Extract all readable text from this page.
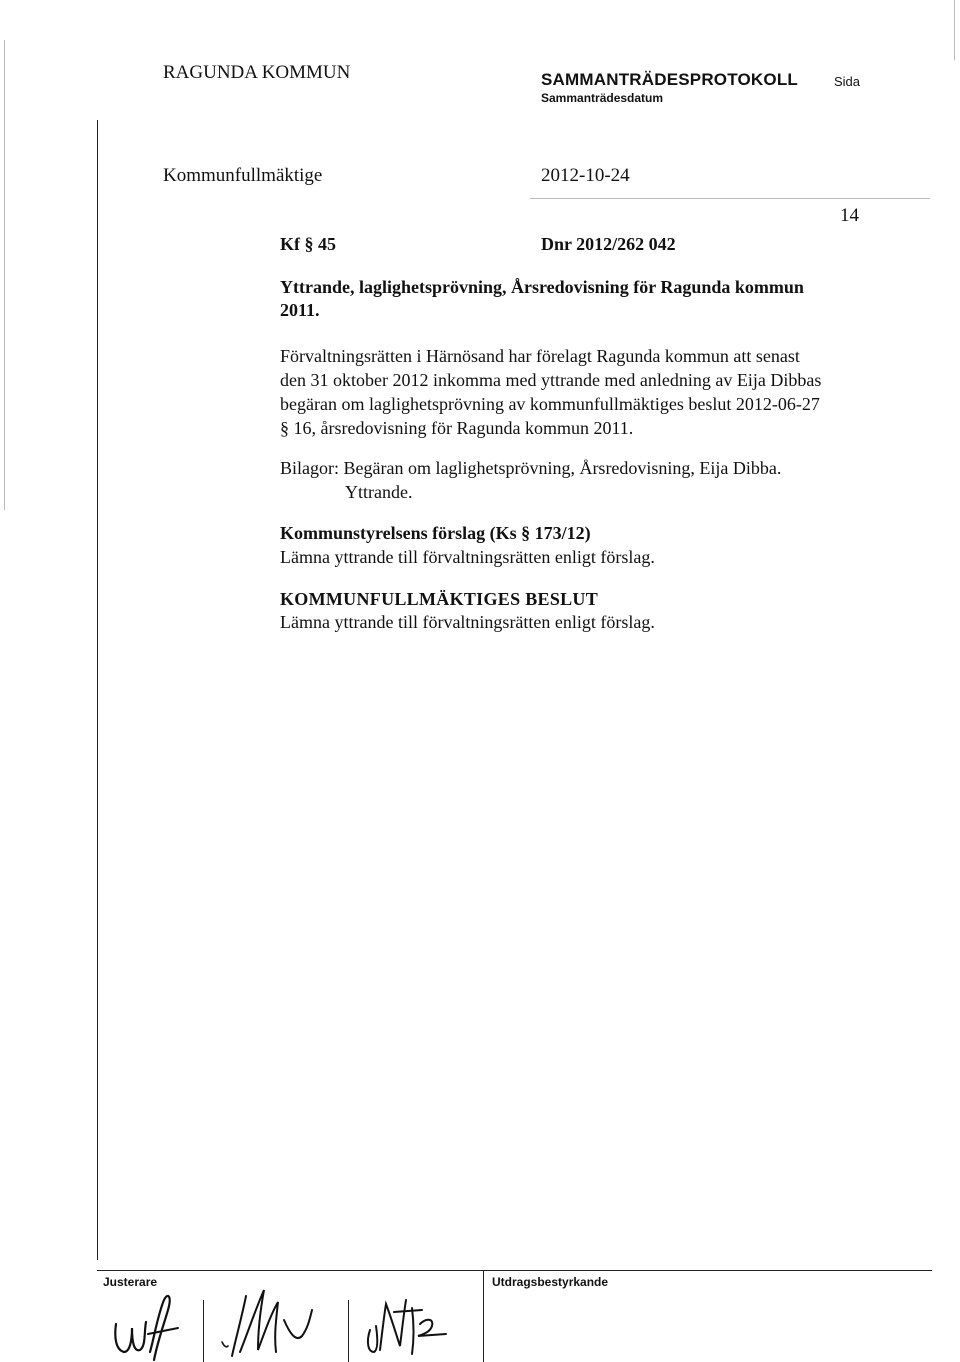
RAGUNDA KOMMUN	SAMMANTRÄDESPROTOKOLL
Sammanträdesdatum
Sida
Kommunfullmäktige	2012-10-24
14
Kf § 45	Dnr 2012/262 042
Yttrande, laglighetsprövning, Årsredovisning för Ragunda kommun
2011.
Förvaltningsrätten i Härnösand har förelagt Ragunda kommun att senast
den 31 oktober 2012 inkomma med yttrande med anledning av Eija Dibbas
begäran om laglighetsprövning av kommunfullmäktiges beslut 2012-06-27
§ 16, årsredovisning för Ragunda kommun 2011.
Bilagor: Begäran om laglighetsprövning, Årsredovisning, Eija Dibba.
Yttrande.
Kommunstyrelsens förslag (Ks § 173/12)
Lämna yttrande till förvaltningsrätten enligt förslag.
KOMMUNFULLMÄKTIGES BESLUT
Lämna yttrande till förvaltningsrätten enligt förslag.
Justerare	Utdragsbestyrkande
